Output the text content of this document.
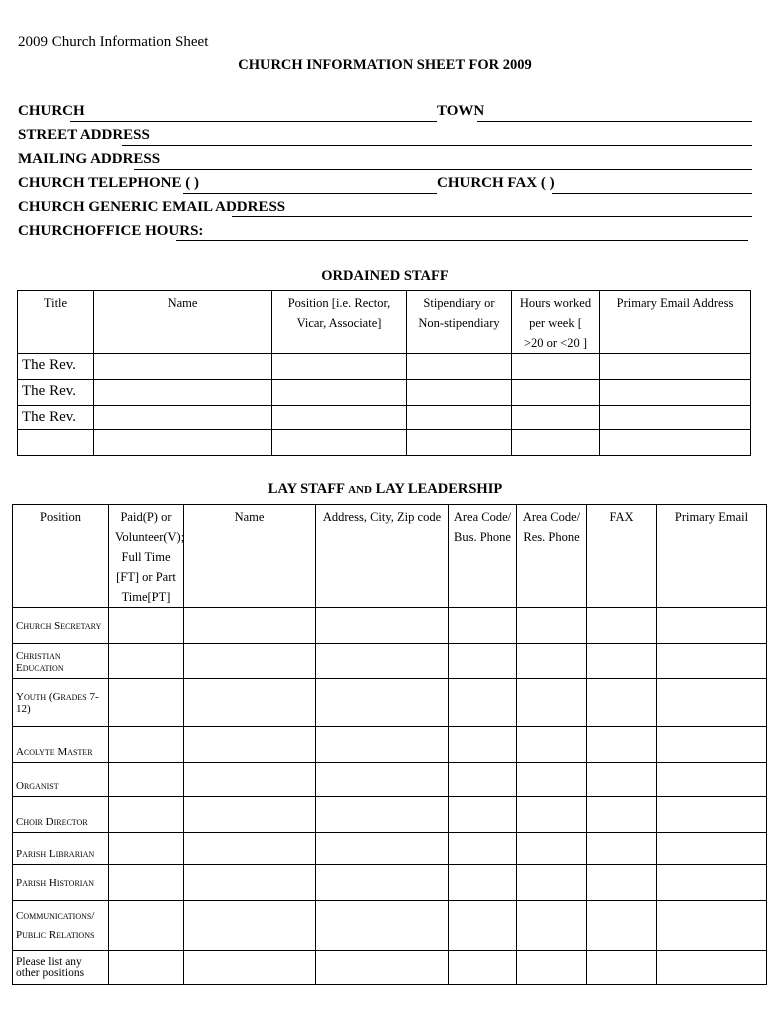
2009 Church Information Sheet
CHURCH INFORMATION SHEET FOR 2009
CHURCH	TOWN
STREET ADDRESS
MAILING ADDRESS
CHURCH TELEPHONE ( )	CHURCH FAX ( )
CHURCH GENERIC EMAIL ADDRESS
CHURCHOFFICE HOURS:
ORDAINED STAFF
Title	Name	Position [i.e. Rector, Vicar, Associate]	Stipendiary or Non-stipendiary	Hours worked per week [ >20 or <20 ]	Primary Email Address
The Rev.					
The Rev.					
The Rev.					

LAY STAFF AND LAY LEADERSHIP
Position	Paid(P) or Volunteer(V); Full Time [FT] or Part Time[PT]	Name	Address, City, Zip code	Area Code/ Bus. Phone	Area Code/ Res. Phone	FAX	Primary Email
Church Secretary							
Christian Education							
Youth (Grades 7-12)							
Acolyte Master							
Organist							
Choir Director							
Parish Librarian							
Parish Historian							
Communications/ Public Relations							
Please list any other positions							
